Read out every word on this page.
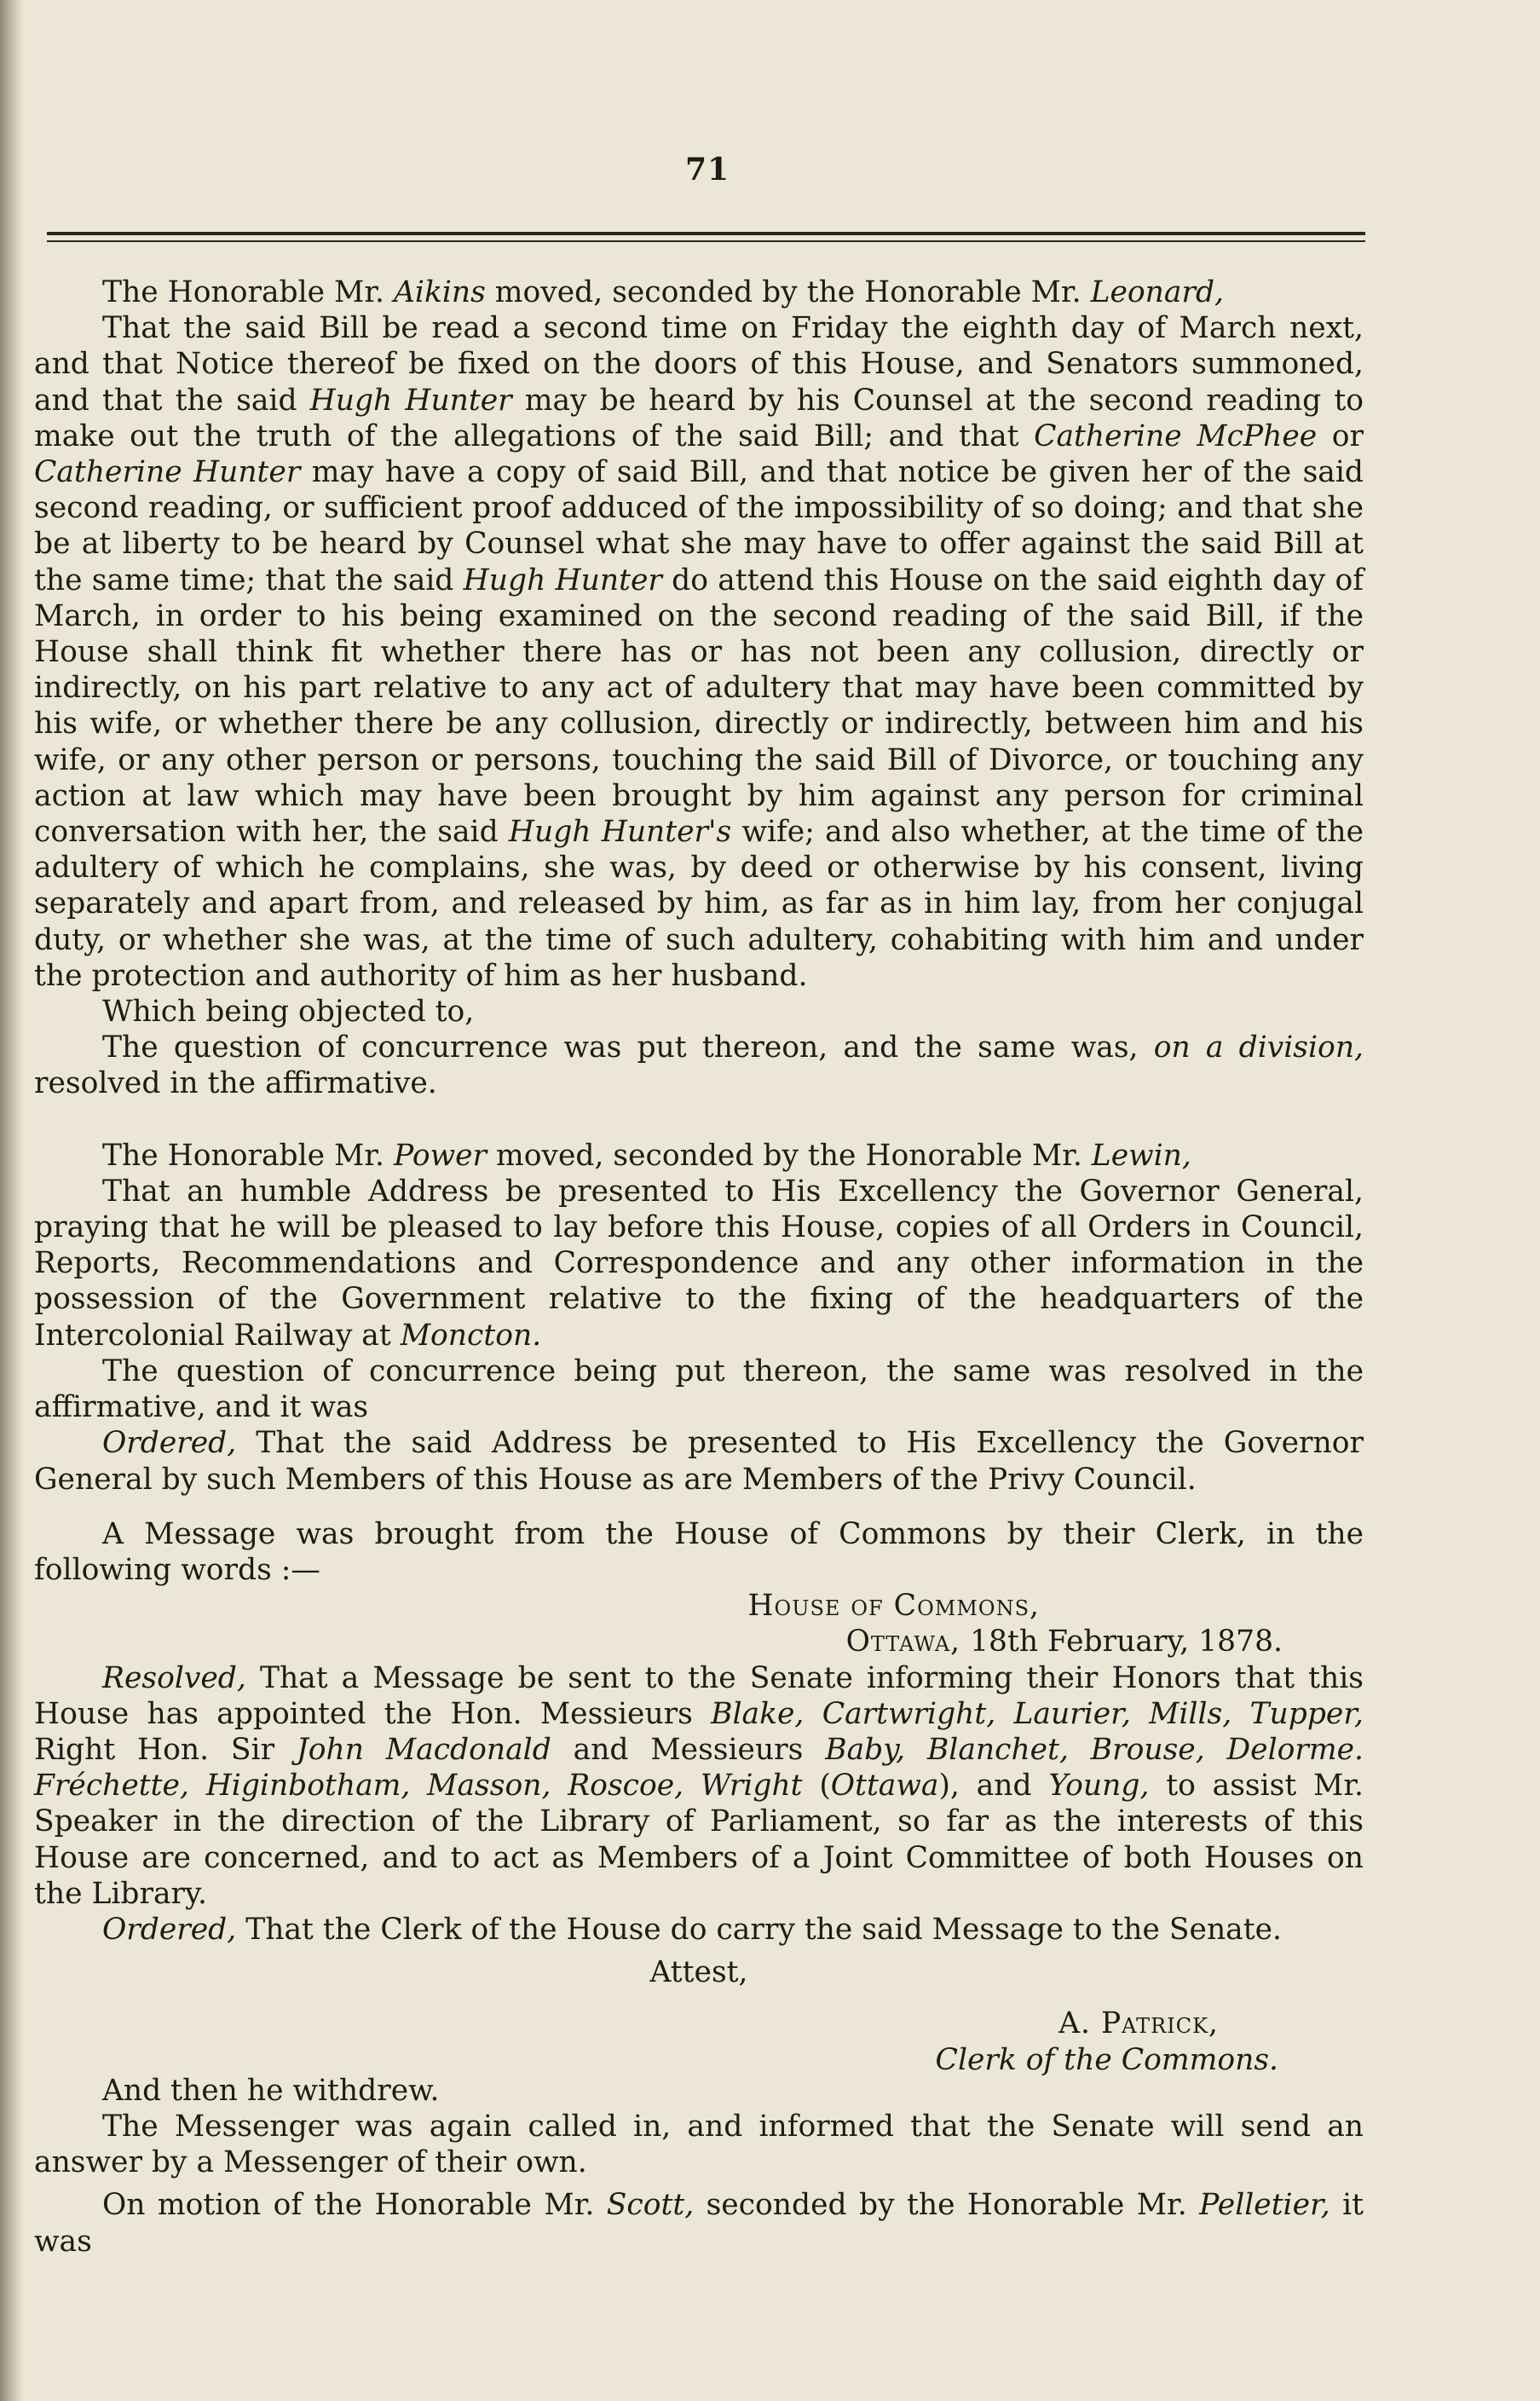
71

The Honorable Mr. Aikins moved, seconded by the Honorable Mr. Leonard,

That the said Bill be read a second time on Friday the eighth day of March next, and that Notice thereof be fixed on the doors of this House, and Senators summoned, and that the said Hugh Hunter may be heard by his Counsel at the second reading to make out the truth of the allegations of the said Bill; and that Catherine McPhee or Catherine Hunter may have a copy of said Bill, and that notice be given her of the said second reading, or sufficient proof adduced of the impossibility of so doing; and that she be at liberty to be heard by Counsel what she may have to offer against the said Bill at the same time; that the said Hugh Hunter do attend this House on the said eighth day of March, in order to his being examined on the second reading of the said Bill, if the House shall think fit whether there has or has not been any collusion, directly or indirectly, on his part relative to any act of adultery that may have been committed by his wife, or whether there be any collusion, directly or indirectly, between him and his wife, or any other person or persons, touching the said Bill of Divorce, or touching any action at law which may have been brought by him against any person for criminal conversation with her, the said Hugh Hunter's wife; and also whether, at the time of the adultery of which he complains, she was, by deed or otherwise by his consent, living separately and apart from, and released by him, as far as in him lay, from her conjugal duty, or whether she was, at the time of such adultery, cohabiting with him and under the protection and authority of him as her husband.

Which being objected to,

The question of concurrence was put thereon, and the same was, on a division, resolved in the affirmative.

The Honorable Mr. Power moved, seconded by the Honorable Mr. Lewin,

That an humble Address be presented to His Excellency the Governor General, praying that he will be pleased to lay before this House, copies of all Orders in Council, Reports, Recommendations and Correspondence and any other information in the possession of the Government relative to the fixing of the headquarters of the Intercolonial Railway at Moncton.

The question of concurrence being put thereon, the same was resolved in the affirmative, and it was

Ordered, That the said Address be presented to His Excellency the Governor General by such Members of this House as are Members of the Privy Council.

A Message was brought from the House of Commons by their Clerk, in the following words :—

House of Commons,

Ottawa, 18th February, 1878.

Resolved, That a Message be sent to the Senate informing their Honors that this House has appointed the Hon. Messieurs Blake, Cartwright, Laurier, Mills, Tupper, Right Hon. Sir John Macdonald and Messieurs Baby, Blanchet, Brouse, Delorme. Fréchette, Higinbotham, Masson, Roscoe, Wright (Ottawa), and Young, to assist Mr. Speaker in the direction of the Library of Parliament, so far as the interests of this House are concerned, and to act as Members of a Joint Committee of both Houses on the Library.

Ordered, That the Clerk of the House do carry the said Message to the Senate.

Attest,

A. Patrick,

Clerk of the Commons.

And then he withdrew.

The Messenger was again called in, and informed that the Senate will send an answer by a Messenger of their own.

On motion of the Honorable Mr. Scott, seconded by the Honorable Mr. Pelletier, it was
